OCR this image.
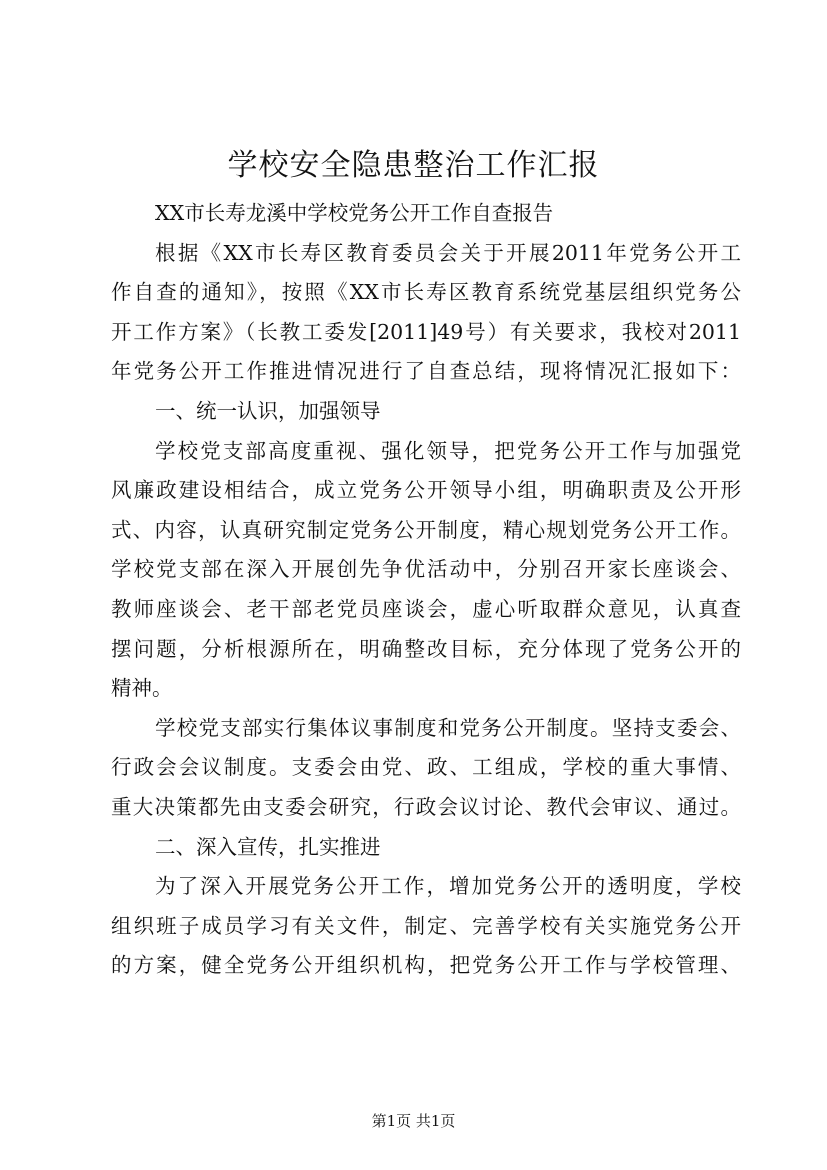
学校安全隐患整治工作汇报
XX市长寿龙溪中学校党务公开工作自查报告
根据《XX市长寿区教育委员会关于开展2011年党务公开工
作自查的通知》，按照《XX市长寿区教育系统党基层组织党务公
开工作方案》（长教工委发[2011]49号）有关要求，我校对2011
年党务公开工作推进情况进行了自查总结，现将情况汇报如下：
一、统一认识，加强领导
学校党支部高度重视、强化领导，把党务公开工作与加强党
风廉政建设相结合，成立党务公开领导小组，明确职责及公开形
式、内容，认真研究制定党务公开制度，精心规划党务公开工作。
学校党支部在深入开展创先争优活动中，分别召开家长座谈会、
教师座谈会、老干部老党员座谈会，虚心听取群众意见，认真查
摆问题，分析根源所在，明确整改目标，充分体现了党务公开的
精神。
学校党支部实行集体议事制度和党务公开制度。坚持支委会、
行政会会议制度。支委会由党、政、工组成，学校的重大事情、
重大决策都先由支委会研究，行政会议讨论、教代会审议、通过。
二、深入宣传，扎实推进
为了深入开展党务公开工作，增加党务公开的透明度，学校
组织班子成员学习有关文件，制定、完善学校有关实施党务公开
的方案，健全党务公开组织机构，把党务公开工作与学校管理、
第1页 共1页
